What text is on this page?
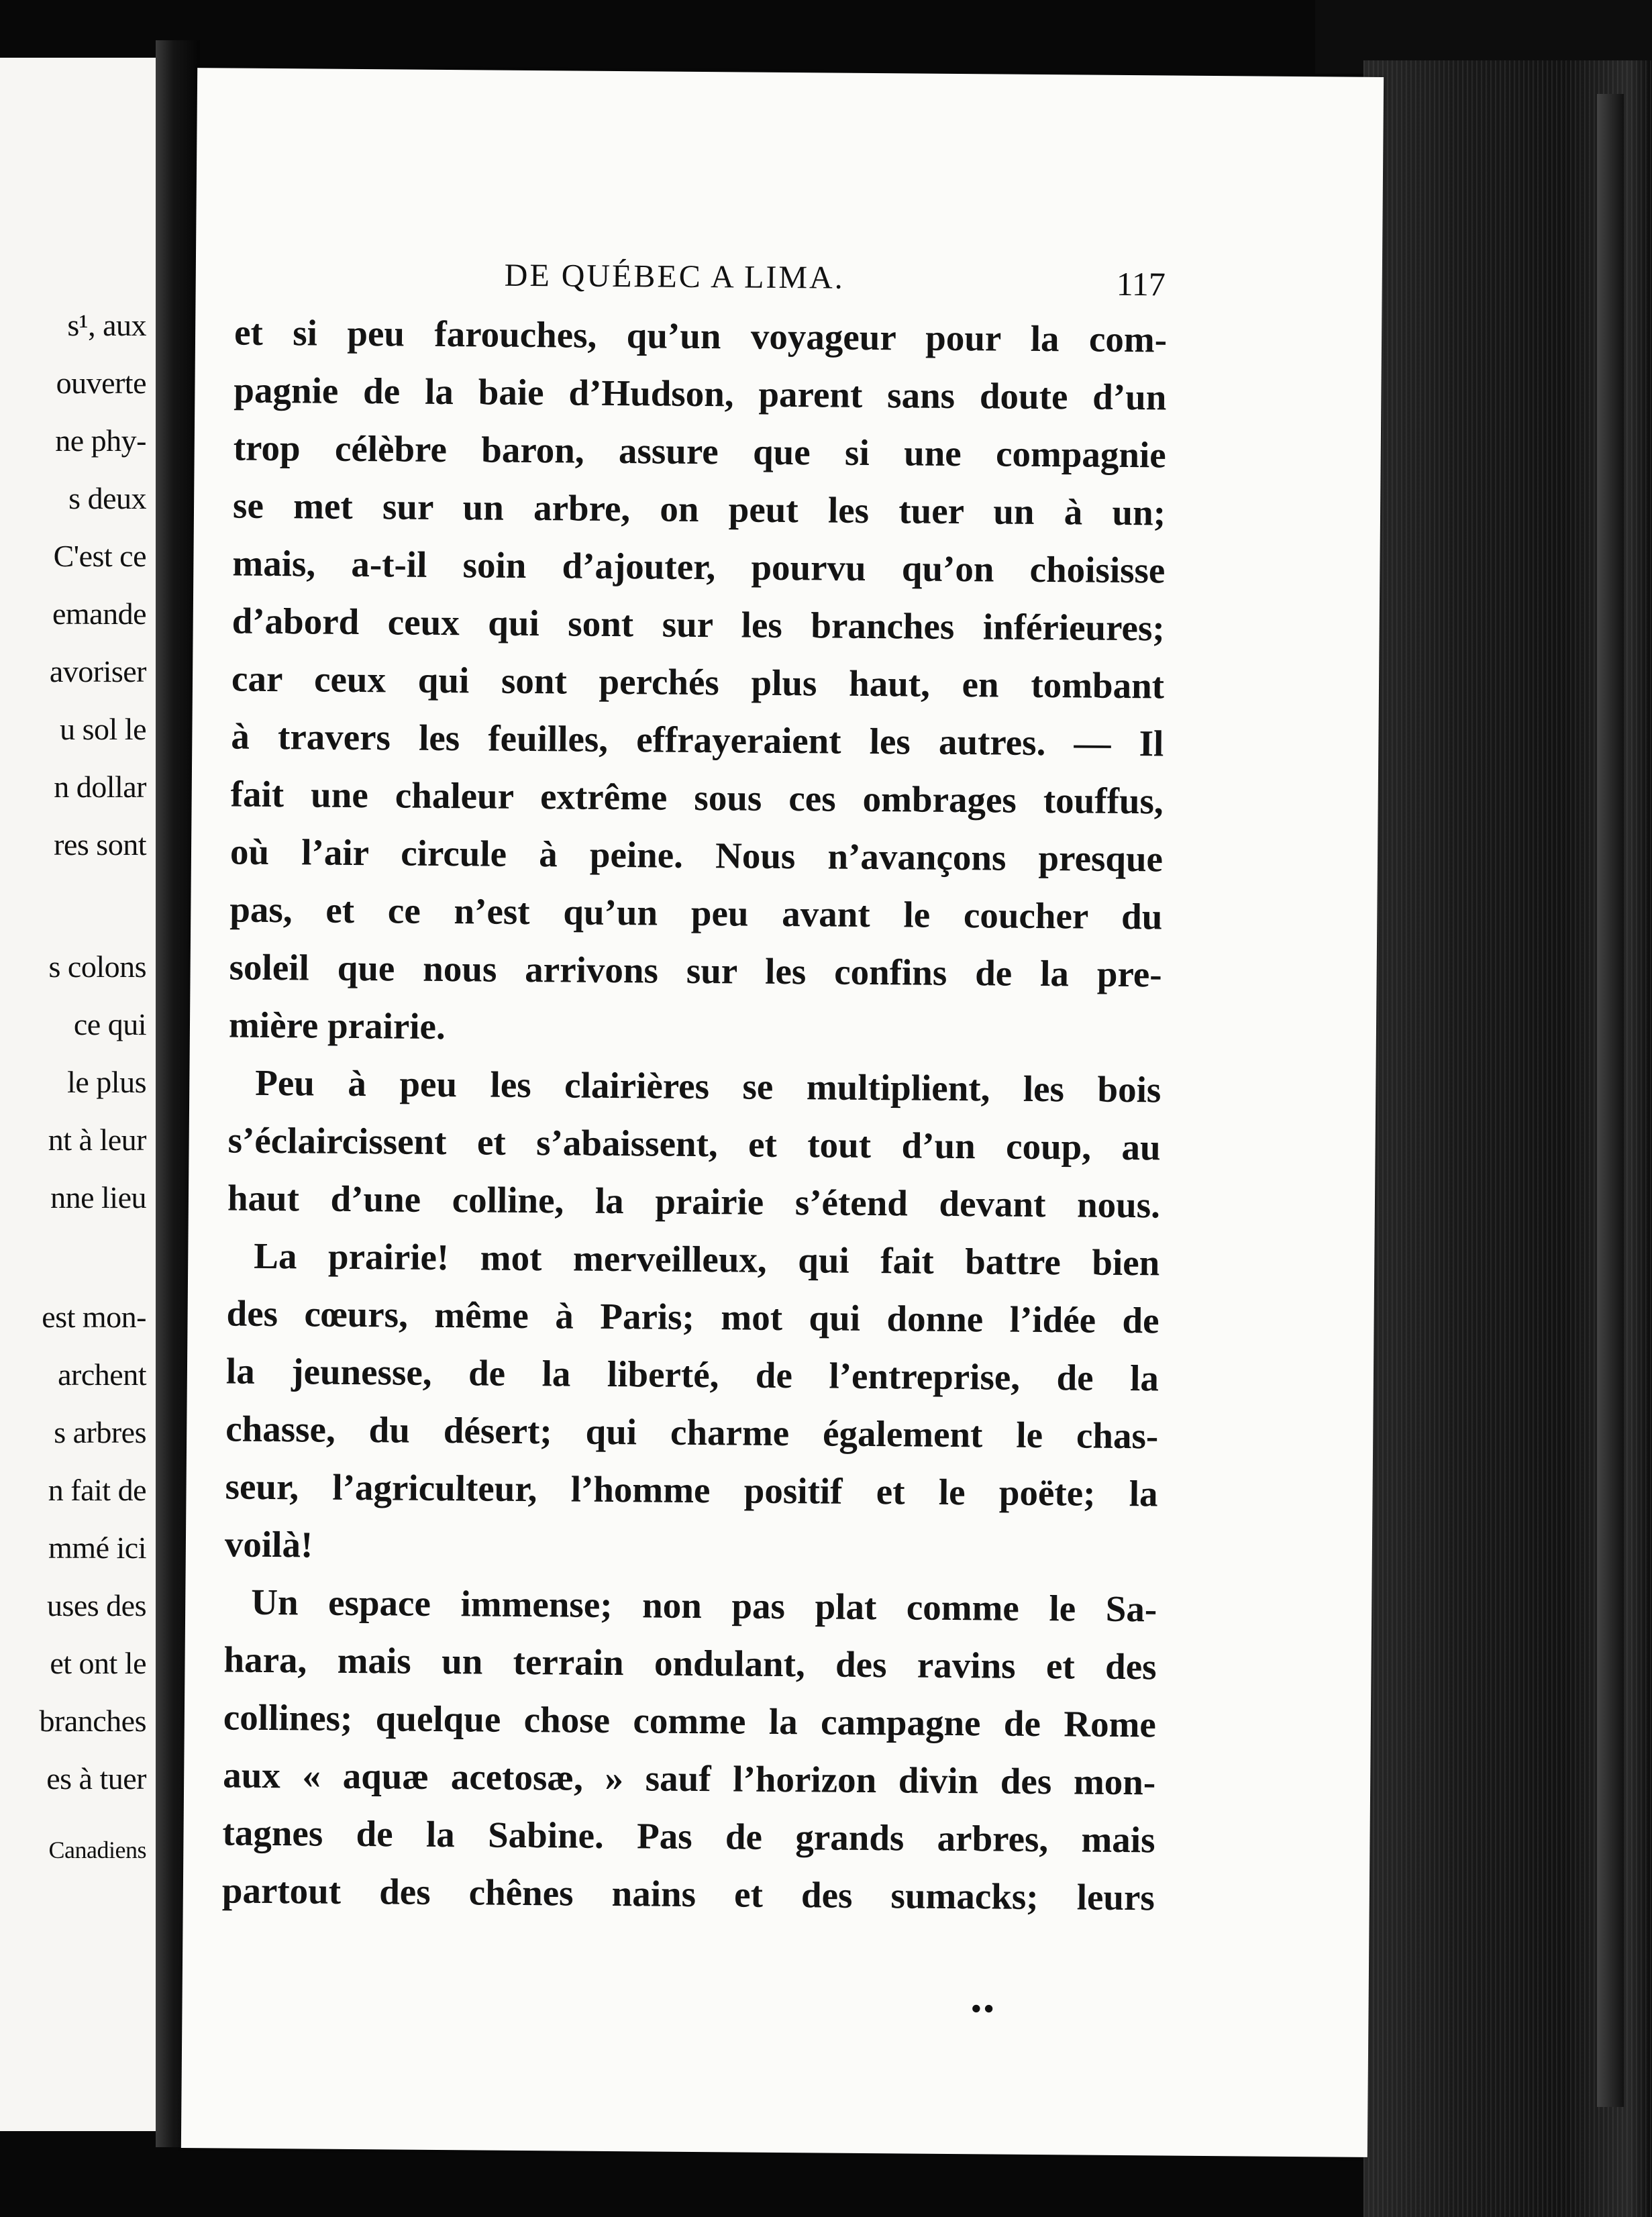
s¹, aux
ouverte
ne phy-
s deux
C'est ce
emande
avoriser
u sol le
n dollar
res sont
s colons
ce qui
le plus
nt à leur
nne lieu
est mon-
archent
s arbres
n fait de
mmé ici
uses des
et ont le
branches
es à tuer
Canadiens
DE QUÉBEC A LIMA.	117
et si peu farouches, qu’un voyageur pour la com-
pagnie de la baie d’Hudson, parent sans doute d’un
trop célèbre baron, assure que si une compagnie
se met sur un arbre, on peut les tuer un à un;
mais, a-t-il soin d’ajouter, pourvu qu’on choisisse
d’abord ceux qui sont sur les branches inférieures;
car ceux qui sont perchés plus haut, en tombant
à travers les feuilles, effrayeraient les autres. — Il
fait une chaleur extrême sous ces ombrages touffus,
où l’air circule à peine. Nous n’avançons presque
pas, et ce n’est qu’un peu avant le coucher du
soleil que nous arrivons sur les confins de la pre-
mière prairie.
Peu à peu les clairières se multiplient, les bois
s’éclaircissent et s’abaissent, et tout d’un coup, au
haut d’une colline, la prairie s’étend devant nous.
La prairie! mot merveilleux, qui fait battre bien
des cœurs, même à Paris; mot qui donne l’idée de
la jeunesse, de la liberté, de l’entreprise, de la
chasse, du désert; qui charme également le chas-
seur, l’agriculteur, l’homme positif et le poëte; la
voilà!
Un espace immense; non pas plat comme le Sa-
hara, mais un terrain ondulant, des ravins et des
collines; quelque chose comme la campagne de Rome
aux « aquæ acetosæ, » sauf l’horizon divin des mon-
tagnes de la Sabine. Pas de grands arbres, mais
partout des chênes nains et des sumacks; leurs
••
